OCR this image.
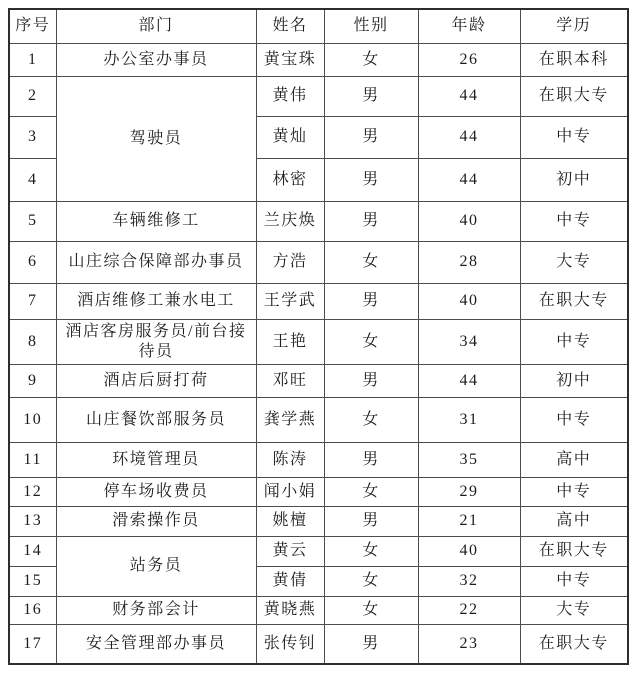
序号	部门	姓名	性别	年龄	学历
1	办公室办事员	黄宝珠	女	26	在职本科
2	驾驶员	黄伟	男	44	在职大专
3		黄灿	男	44	中专
4		林密	男	44	初中
5	车辆维修工	兰庆焕	男	40	中专
6	山庄综合保障部办事员	方浩	女	28	大专
7	酒店维修工兼水电工	王学武	男	40	在职大专
8	酒店客房服务员/前台接待员	王艳	女	34	中专
9	酒店后厨打荷	邓旺	男	44	初中
10	山庄餐饮部服务员	龚学燕	女	31	中专
11	环境管理员	陈涛	男	35	高中
12	停车场收费员	闻小娟	女	29	中专
13	滑索操作员	姚檀	男	21	高中
14	站务员	黄云	女	40	在职大专
15		黄倩	女	32	中专
16	财务部会计	黄晓燕	女	22	大专
17	安全管理部办事员	张传钊	男	23	在职大专
